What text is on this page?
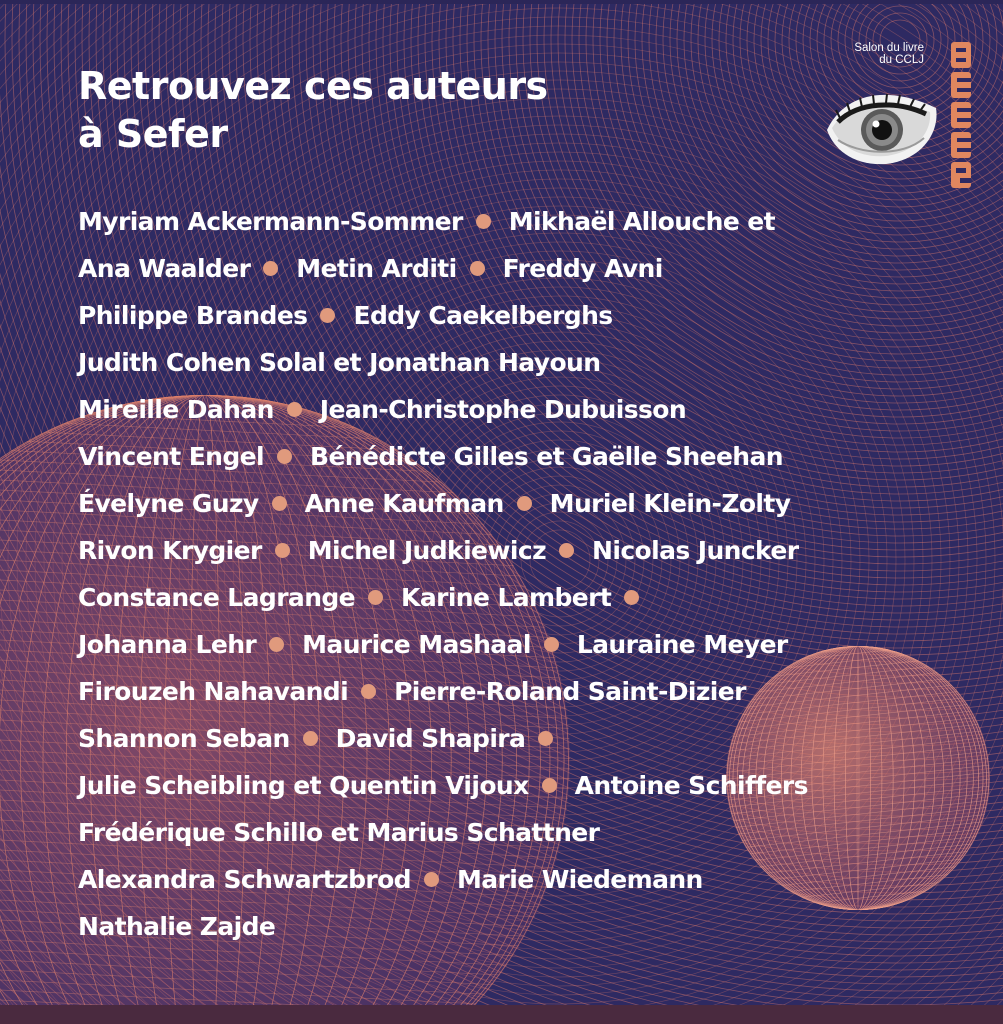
Retrouvez ces auteurs
à Sefer
Salon du livre
du CCLJ
Myriam Ackermann-Sommer Mikhaël Allouche et
Ana Waalder Metin Arditi Freddy Avni
Philippe Brandes Eddy Caekelberghs
Judith Cohen Solal et Jonathan Hayoun
Mireille Dahan Jean-Christophe Dubuisson
Vincent Engel Bénédicte Gilles et Gaëlle Sheehan
Évelyne Guzy Anne Kaufman Muriel Klein-Zolty
Rivon Krygier Michel Judkiewicz Nicolas Juncker
Constance Lagrange Karine Lambert
Johanna Lehr Maurice Mashaal Lauraine Meyer
Firouzeh Nahavandi Pierre-Roland Saint-Dizier
Shannon Seban David Shapira
Julie Scheibling et Quentin Vijoux Antoine Schiffers
Frédérique Schillo et Marius Schattner
Alexandra Schwartzbrod Marie Wiedemann
Nathalie Zajde
